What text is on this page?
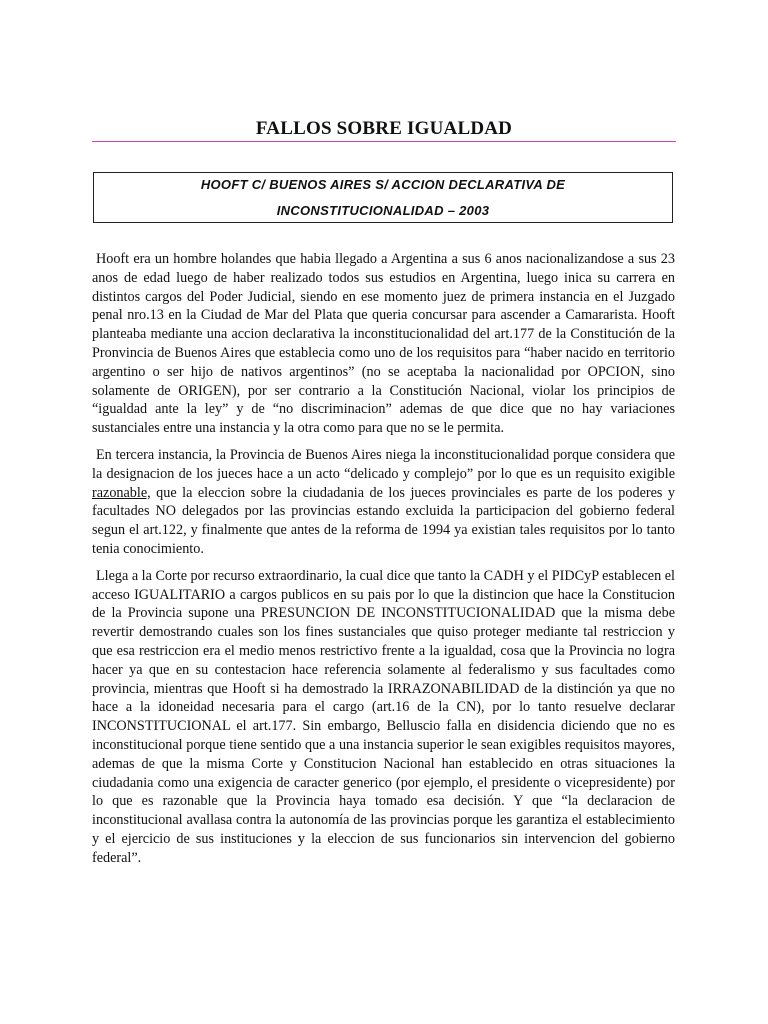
FALLOS SOBRE IGUALDAD
HOOFT C/ BUENOS AIRES S/ ACCION DECLARATIVA DE
INCONSTITUCIONALIDAD – 2003

Hooft era un hombre holandes que habia llegado a Argentina a sus 6 anos nacionalizandose a sus 23 anos de edad luego de haber realizado todos sus estudios en Argentina, luego inica su carrera en distintos cargos del Poder Judicial, siendo en ese momento juez de primera instancia en el Juzgado penal nro.13 en la Ciudad de Mar del Plata que queria concursar para ascender a Camararista. Hooft planteaba mediante una accion declarativa la inconstitucionalidad del art.177 de la Constitución de la Pronvincia de Buenos Aires que establecia como uno de los requisitos para “haber nacido en territorio argentino o ser hijo de nativos argentinos” (no se aceptaba la nacionalidad por OPCION, sino solamente de ORIGEN), por ser contrario a la Constitución Nacional, violar los principios de “igualdad ante la ley” y de “no discriminacion” ademas de que dice que no hay variaciones sustanciales entre una instancia y la otra como para que no se le permita.

En tercera instancia, la Provincia de Buenos Aires niega la inconstitucionalidad porque considera que la designacion de los jueces hace a un acto “delicado y complejo” por lo que es un requisito exigible razonable, que la eleccion sobre la ciudadania de los jueces provinciales es parte de los poderes y facultades NO delegados por las provincias estando excluida la participacion del gobierno federal segun el art.122, y finalmente que antes de la reforma de 1994 ya existian tales requisitos por lo tanto tenia conocimiento.

Llega a la Corte por recurso extraordinario, la cual dice que tanto la CADH y el PIDCyP establecen el acceso IGUALITARIO a cargos publicos en su pais por lo que la distincion que hace la Constitucion de la Provincia supone una PRESUNCION DE INCONSTITUCIONALIDAD que la misma debe revertir demostrando cuales son los fines sustanciales que quiso proteger mediante tal restriccion y que esa restriccion era el medio menos restrictivo frente a la igualdad, cosa que la Provincia no logra hacer ya que en su contestacion hace referencia solamente al federalismo y sus facultades como provincia, mientras que Hooft si ha demostrado la IRRAZONABILIDAD de la distinción ya que no hace a la idoneidad necesaria para el cargo (art.16 de la CN), por lo tanto resuelve declarar INCONSTITUCIONAL el art.177. Sin embargo, Belluscio falla en disidencia diciendo que no es inconstitucional porque tiene sentido que a una instancia superior le sean exigibles requisitos mayores, ademas de que la misma Corte y Constitucion Nacional han establecido en otras situaciones la ciudadania como una exigencia de caracter generico (por ejemplo, el presidente o vicepresidente) por lo que es razonable que la Provincia haya tomado esa decisión. Y que “la declaracion de inconstitucional avallasa contra la autonomía de las provincias porque les garantiza el establecimiento y el ejercicio de sus instituciones y la eleccion de sus funcionarios sin intervencion del gobierno federal”.
